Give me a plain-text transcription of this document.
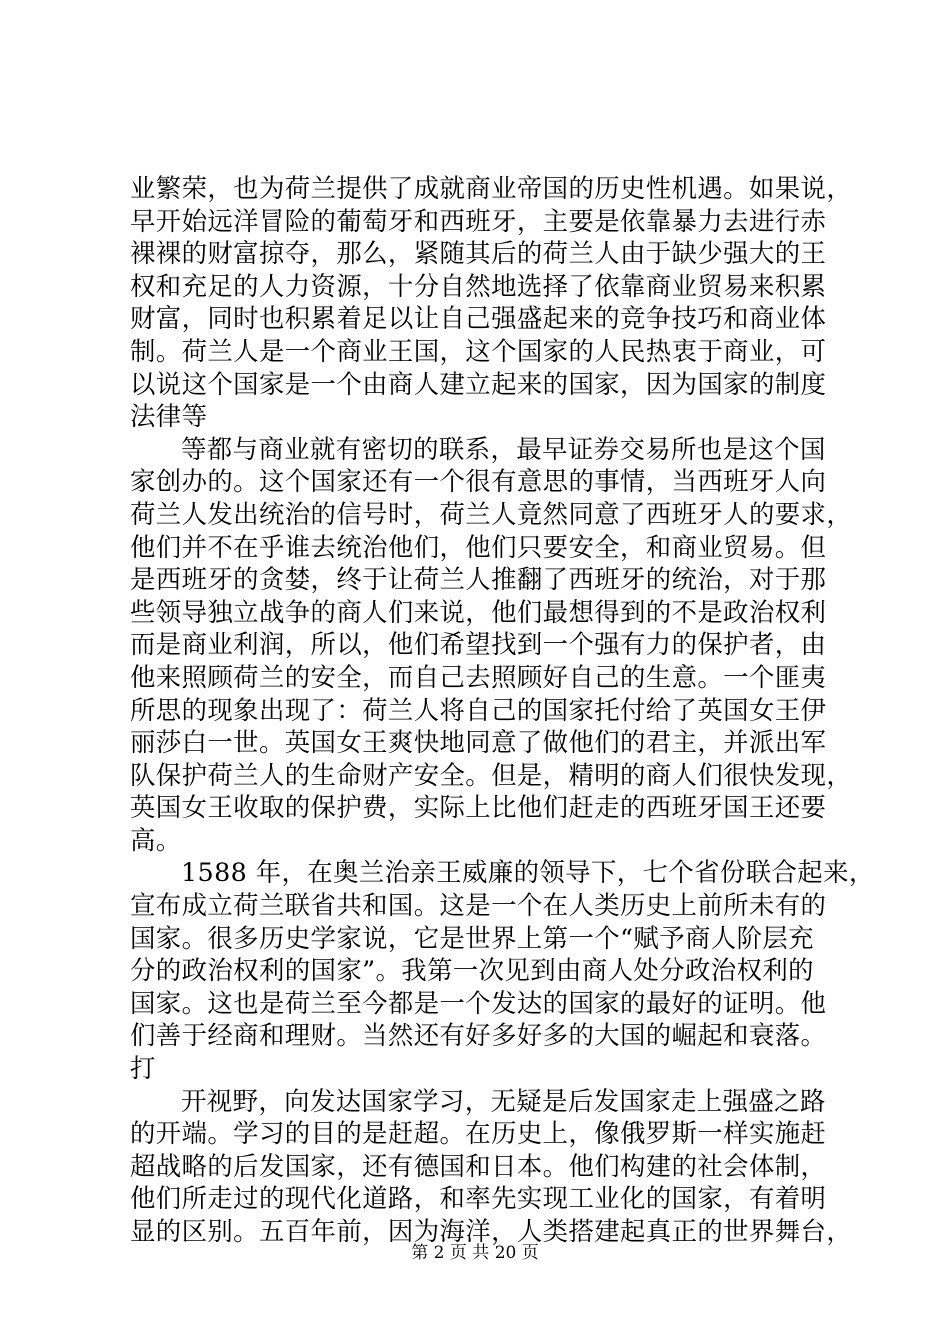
业繁荣，也为荷兰提供了成就商业帝国的历史性机遇。如果说，
早开始远洋冒险的葡萄牙和西班牙，主要是依靠暴力去进行赤
裸裸的财富掠夺，那么，紧随其后的荷兰人由于缺少强大的王
权和充足的人力资源，十分自然地选择了依靠商业贸易来积累
财富，同时也积累着足以让自己强盛起来的竞争技巧和商业体
制。荷兰人是一个商业王国，这个国家的人民热衷于商业，可
以说这个国家是一个由商人建立起来的国家，因为国家的制度
法律等
等都与商业就有密切的联系，最早证券交易所也是这个国
家创办的。这个国家还有一个很有意思的事情，当西班牙人向
荷兰人发出统治的信号时，荷兰人竟然同意了西班牙人的要求，
他们并不在乎谁去统治他们，他们只要安全，和商业贸易。但
是西班牙的贪婪，终于让荷兰人推翻了西班牙的统治，对于那
些领导独立战争的商人们来说，他们最想得到的不是政治权利
而是商业利润，所以，他们希望找到一个强有力的保护者，由
他来照顾荷兰的安全，而自己去照顾好自己的生意。一个匪夷
所思的现象出现了：荷兰人将自己的国家托付给了英国女王伊
丽莎白一世。英国女王爽快地同意了做他们的君主，并派出军
队保护荷兰人的生命财产安全。但是，精明的商人们很快发现，
英国女王收取的保护费，实际上比他们赶走的西班牙国王还要
高。
1588 年，在奥兰治亲王威廉的领导下，七个省份联合起来，
宣布成立荷兰联省共和国。这是一个在人类历史上前所未有的
国家。很多历史学家说，它是世界上第一个“赋予商人阶层充
分的政治权利的国家”。我第一次见到由商人处分政治权利的
国家。这也是荷兰至今都是一个发达的国家的最好的证明。他
们善于经商和理财。当然还有好多好多的大国的崛起和衰落。
打
开视野，向发达国家学习，无疑是后发国家走上强盛之路
的开端。学习的目的是赶超。在历史上，像俄罗斯一样实施赶
超战略的后发国家，还有德国和日本。他们构建的社会体制，
他们所走过的现代化道路，和率先实现工业化的国家，有着明
显的区别。五百年前，因为海洋，人类搭建起真正的世界舞台，
第 2 页 共 20 页
